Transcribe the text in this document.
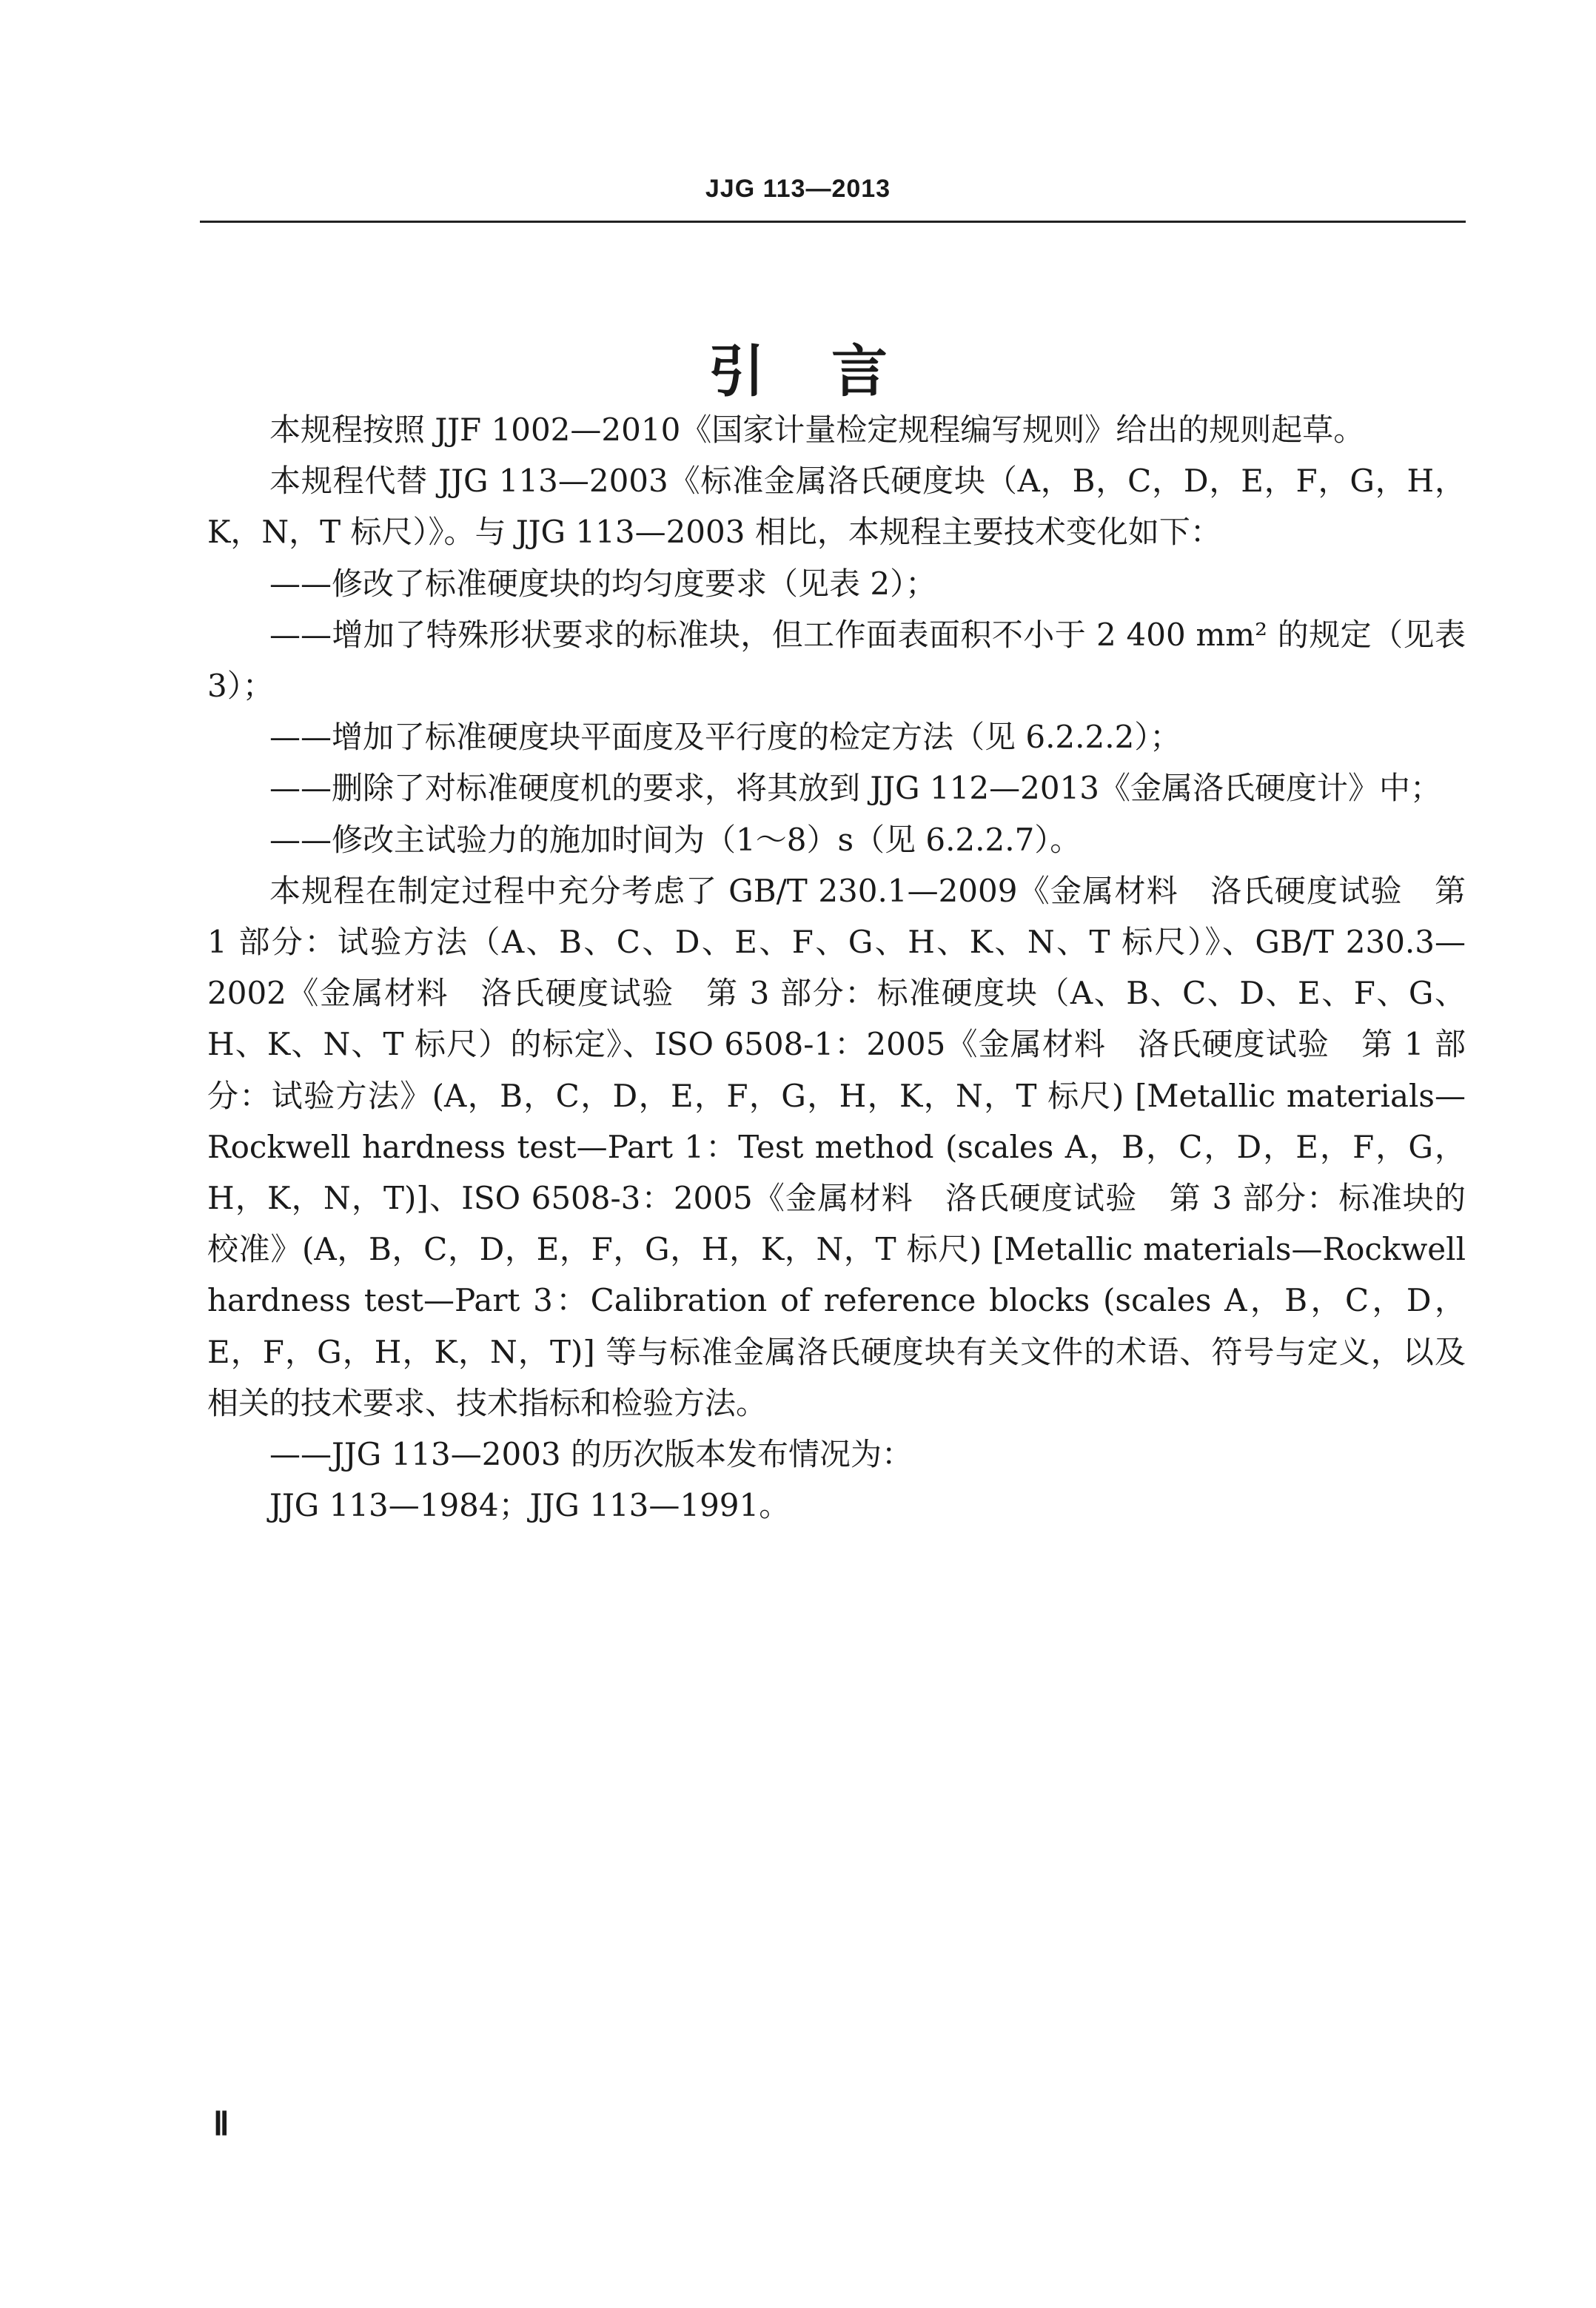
JJG 113—2013
引言

本规程按照 JJF 1002—2010《国家计量检定规程编写规则》给出的规则起草。

本规程代替 JJG 113—2003《标准金属洛氏硬度块（A，B，C，D，E，F，G，H，K，N，T 标尺）》。与 JJG 113—2003 相比，本规程主要技术变化如下：

——修改了标准硬度块的均匀度要求（见表 2）；

——增加了特殊形状要求的标准块，但工作面表面积不小于 2 400 mm² 的规定（见表 3）；

——增加了标准硬度块平面度及平行度的检定方法（见 6.2.2.2）；

——删除了对标准硬度机的要求，将其放到 JJG 112—2013《金属洛氏硬度计》中；

——修改主试验力的施加时间为（1～8）s（见 6.2.2.7）。

本规程在制定过程中充分考虑了 GB/T 230.1—2009《金属材料　洛氏硬度试验　第 1 部分：试验方法（A、B、C、D、E、F、G、H、K、N、T 标尺）》、GB/T 230.3—2002《金属材料　洛氏硬度试验　第 3 部分：标准硬度块（A、B、C、D、E、F、G、H、K、N、T 标尺）的标定》、ISO 6508-1：2005《金属材料　洛氏硬度试验　第 1 部分：试验方法》(A，B，C，D，E，F，G，H，K，N，T 标尺) [Metallic materials—Rockwell hardness test—Part 1：Test method (scales A，B，C，D，E，F，G，H，K，N，T)]、ISO 6508-3：2005《金属材料　洛氏硬度试验　第 3 部分：标准块的校准》(A，B，C，D，E，F，G，H，K，N，T 标尺) [Metallic materials—Rockwell hardness test—Part 3：Calibration of reference blocks (scales A，B，C，D，E，F，G，H，K，N，T)] 等与标准金属洛氏硬度块有关文件的术语、符号与定义，以及相关的技术要求、技术指标和检验方法。

——JJG 113—2003 的历次版本发布情况为：

JJG 113—1984；JJG 113—1991。

Ⅱ
